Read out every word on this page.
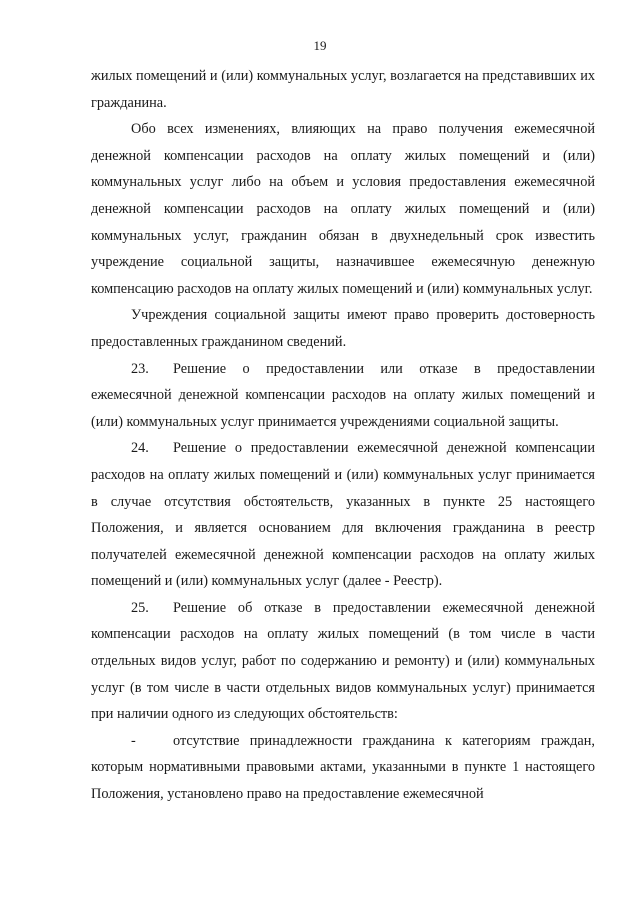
19

жилых помещений и (или) коммунальных услуг, возлагается на представивших их гражданина.

Обо всех изменениях, влияющих на право получения ежемесячной денежной компенсации расходов на оплату жилых помещений и (или) коммунальных услуг либо на объем и условия предоставления ежемесячной денежной компенсации расходов на оплату жилых помещений и (или) коммунальных услуг, гражданин обязан в двухнедельный срок известить учреждение социальной защиты, назначившее ежемесячную денежную компенсацию расходов на оплату жилых помещений и (или) коммунальных услуг.

Учреждения социальной защиты имеют право проверить достоверность предоставленных гражданином сведений.

23. Решение о предоставлении или отказе в предоставлении ежемесячной денежной компенсации расходов на оплату жилых помещений и (или) коммунальных услуг принимается учреждениями социальной защиты.

24. Решение о предоставлении ежемесячной денежной компенсации расходов на оплату жилых помещений и (или) коммунальных услуг принимается в случае отсутствия обстоятельств, указанных в пункте 25 настоящего Положения, и является основанием для включения гражданина в реестр получателей ежемесячной денежной компенсации расходов на оплату жилых помещений и (или) коммунальных услуг (далее - Реестр).

25. Решение об отказе в предоставлении ежемесячной денежной компенсации расходов на оплату жилых помещений (в том числе в части отдельных видов услуг, работ по содержанию и ремонту) и (или) коммунальных услуг (в том числе в части отдельных видов коммунальных услуг) принимается при наличии одного из следующих обстоятельств:

-	отсутствие принадлежности гражданина к категориям граждан, которым нормативными правовыми актами, указанными в пункте 1 настоящего Положения, установлено право на предоставление ежемесячной
